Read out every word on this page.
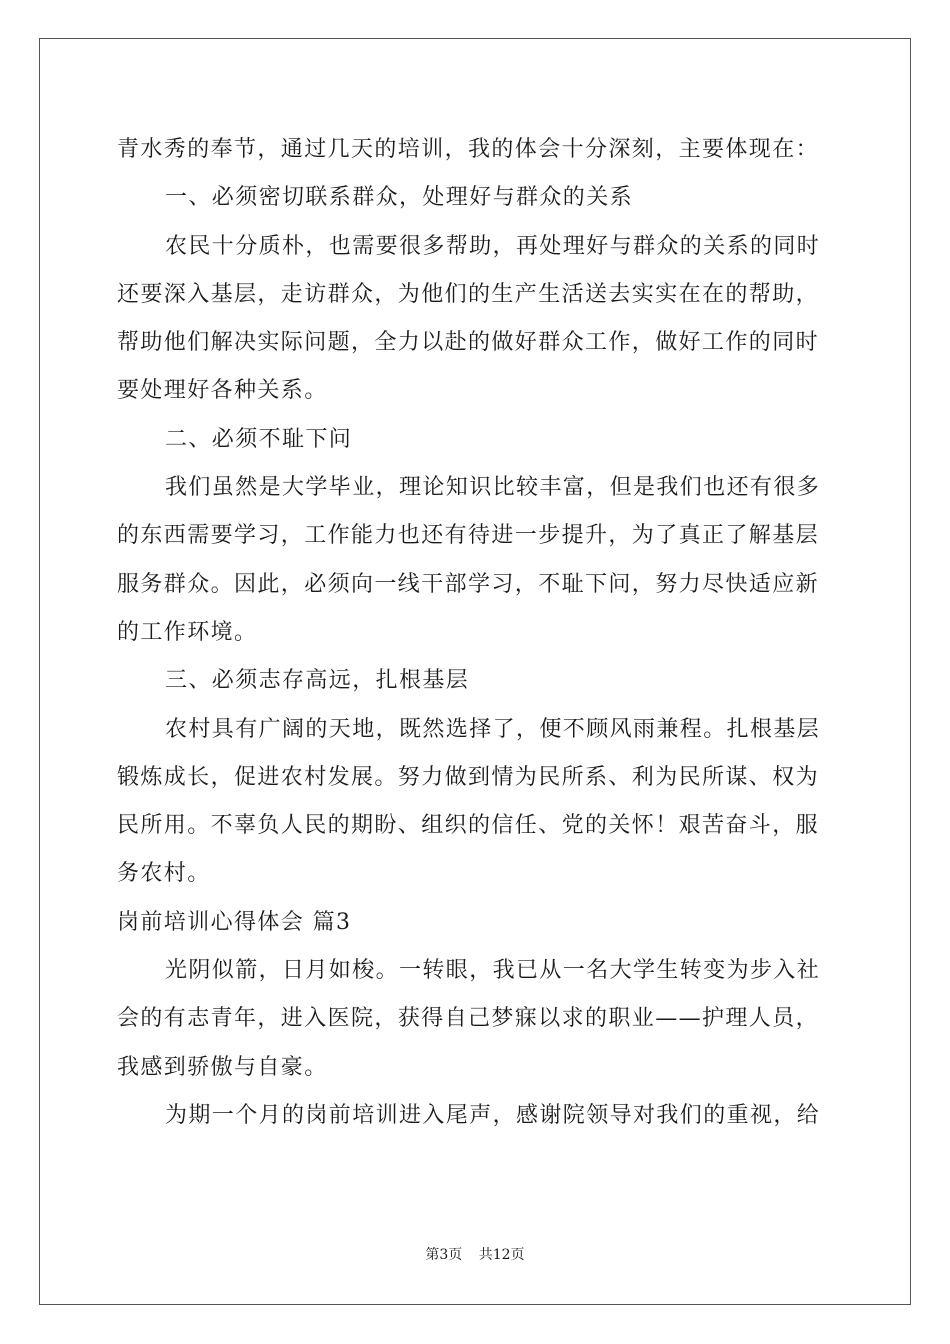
青水秀的奉节，通过几天的培训，我的体会十分深刻，主要体现在：
一、必须密切联系群众，处理好与群众的关系
农民十分质朴，也需要很多帮助，再处理好与群众的关系的同时
还要深入基层，走访群众，为他们的生产生活送去实实在在的帮助，
帮助他们解决实际问题，全力以赴的做好群众工作，做好工作的同时
要处理好各种关系。
二、必须不耻下问
我们虽然是大学毕业，理论知识比较丰富，但是我们也还有很多
的东西需要学习，工作能力也还有待进一步提升，为了真正了解基层
服务群众。因此，必须向一线干部学习，不耻下问，努力尽快适应新
的工作环境。
三、必须志存高远，扎根基层
农村具有广阔的天地，既然选择了，便不顾风雨兼程。扎根基层
锻炼成长，促进农村发展。努力做到情为民所系、利为民所谋、权为
民所用。不辜负人民的期盼、组织的信任、党的关怀！艰苦奋斗，服
务农村。
岗前培训心得体会 篇3
光阴似箭，日月如梭。一转眼，我已从一名大学生转变为步入社
会的有志青年，进入医院，获得自己梦寐以求的职业——护理人员，
我感到骄傲与自豪。
为期一个月的岗前培训进入尾声，感谢院领导对我们的重视，给
第3页 共12页
